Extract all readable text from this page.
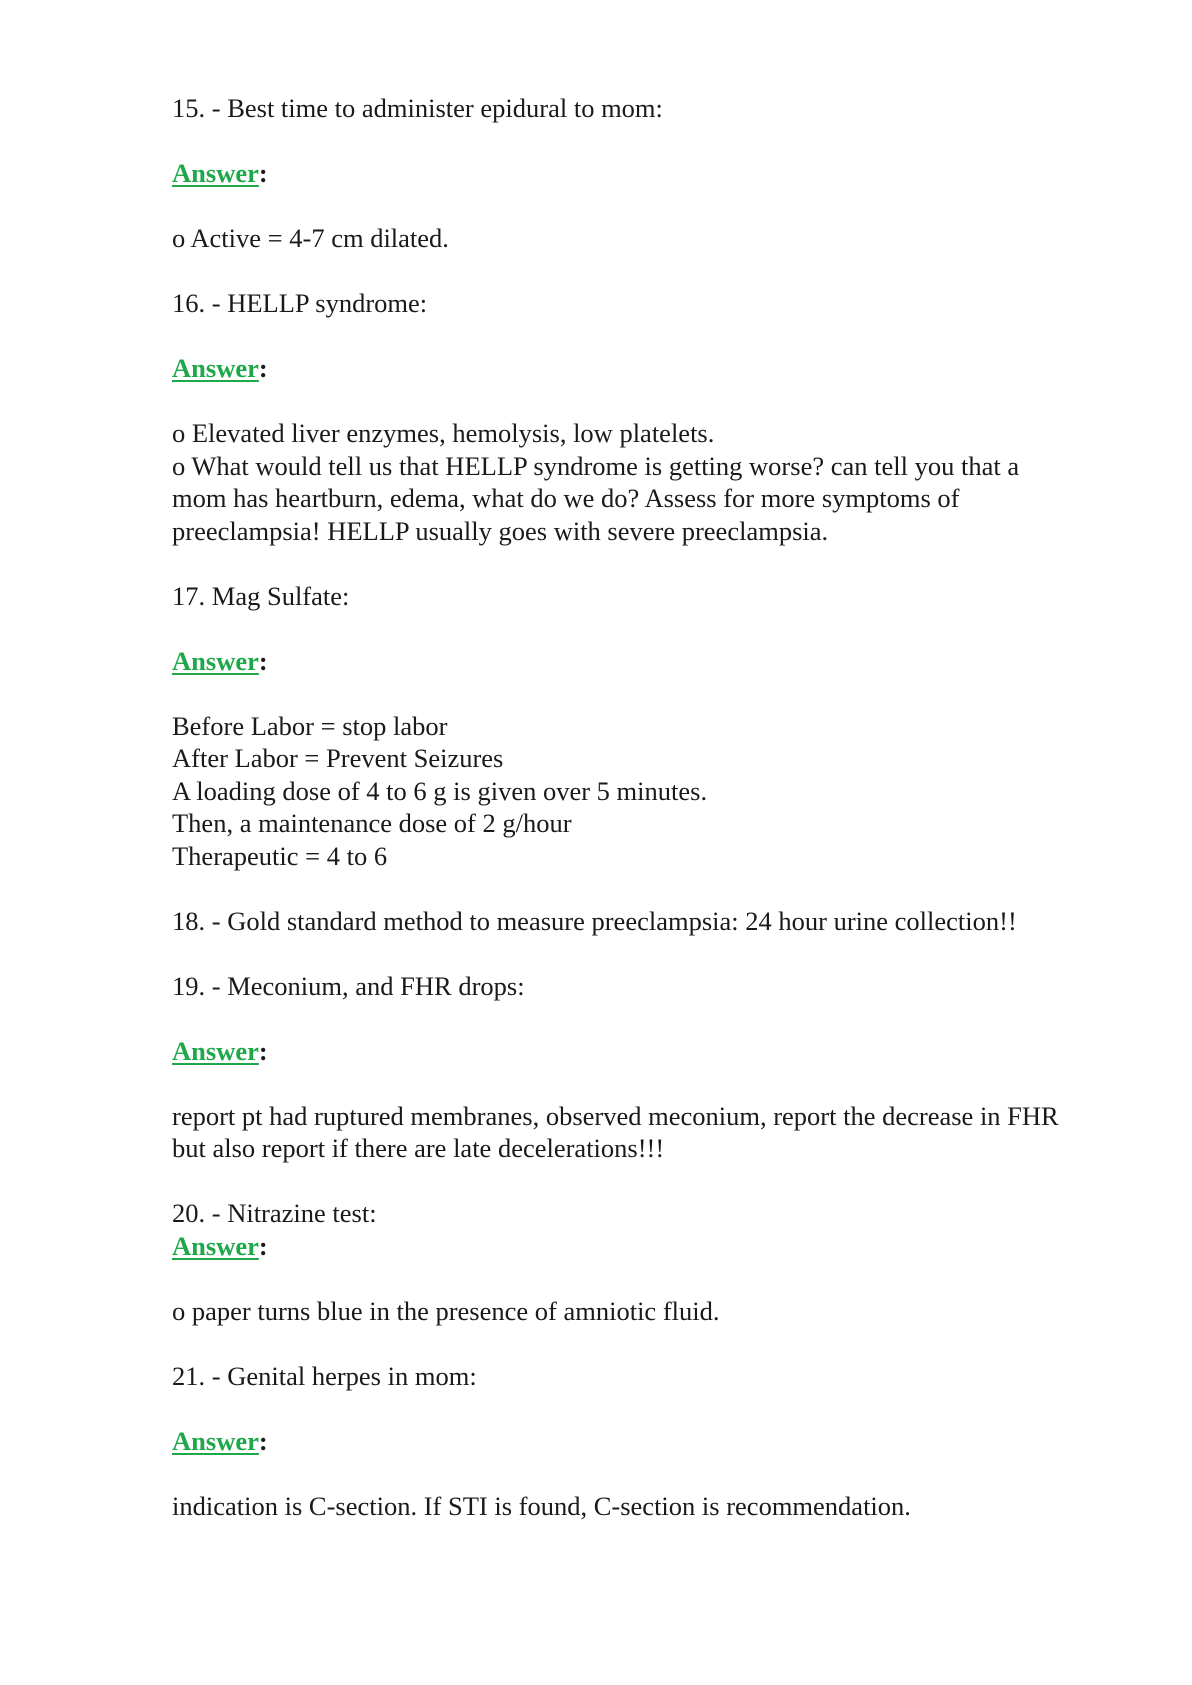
15. - Best time to administer epidural to mom:

Answer:

o Active = 4-7 cm dilated.

16. - HELLP syndrome:

Answer:

o Elevated liver enzymes, hemolysis, low platelets.
o What would tell us that HELLP syndrome is getting worse? can tell you that a mom has heartburn, edema, what do we do? Assess for more symptoms of preeclampsia! HELLP usually goes with severe preeclampsia.

17. Mag Sulfate:

Answer:

Before Labor = stop labor
After Labor = Prevent Seizures
A loading dose of 4 to 6 g is given over 5 minutes.
Then, a maintenance dose of 2 g/hour
Therapeutic = 4 to 6

18. - Gold standard method to measure preeclampsia: 24 hour urine collection!!

19. - Meconium, and FHR drops:

Answer:

report pt had ruptured membranes, observed meconium, report the decrease in FHR but also report if there are late decelerations!!!

20. - Nitrazine test:

Answer:

o paper turns blue in the presence of amniotic fluid.

21. - Genital herpes in mom:

Answer:

indication is C-section. If STI is found, C-section is recommendation.
